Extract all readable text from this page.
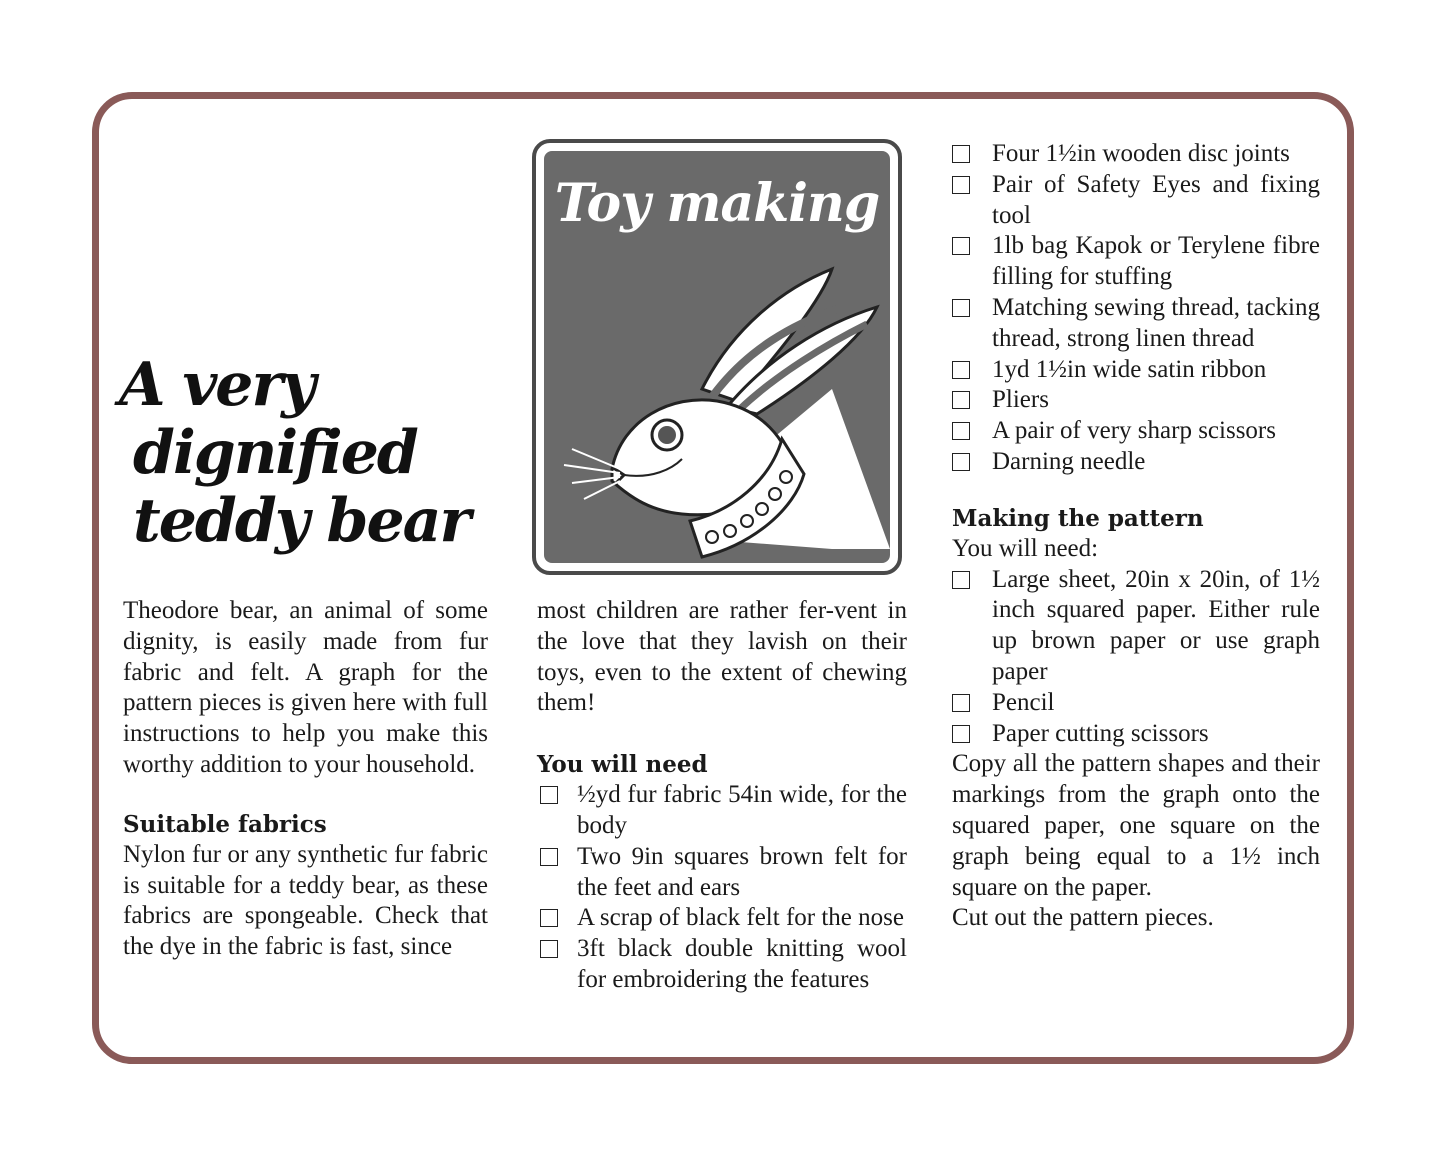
Toy making
A very
dignified
teddy bear

Theodore bear, an animal of some dignity, is easily made from fur fabric and felt. A graph for the pattern pieces is given here with full instructions to help you make this worthy addition to your household.

Suitable fabrics

Nylon fur or any synthetic fur fabric is suitable for a teddy bear, as these fabrics are spongeable. Check that the dye in the fabric is fast, since

most children are rather fer-vent in the love that they lavish on their toys, even to the extent of chewing them!

You will need
½yd fur fabric 54in wide, for the body
Two 9in squares brown felt for the feet and ears
A scrap of black felt for the nose
3ft black double knitting wool for embroidering the features
Four 1½in wooden disc joints
Pair of Safety Eyes and fixing tool
1lb bag Kapok or Terylene fibre filling for stuffing
Matching sewing thread, tacking thread, strong linen thread
1yd 1½in wide satin ribbon
Pliers
A pair of very sharp scissors
Darning needle
Making the pattern

You will need:

Large sheet, 20in x 20in, of 1½ inch squared paper. Either rule up brown paper or use graph paper
Pencil
Paper cutting scissors

Copy all the pattern shapes and their markings from the graph onto the squared paper, one square on the graph being equal to a 1½ inch square on the paper.

Cut out the pattern pieces.
